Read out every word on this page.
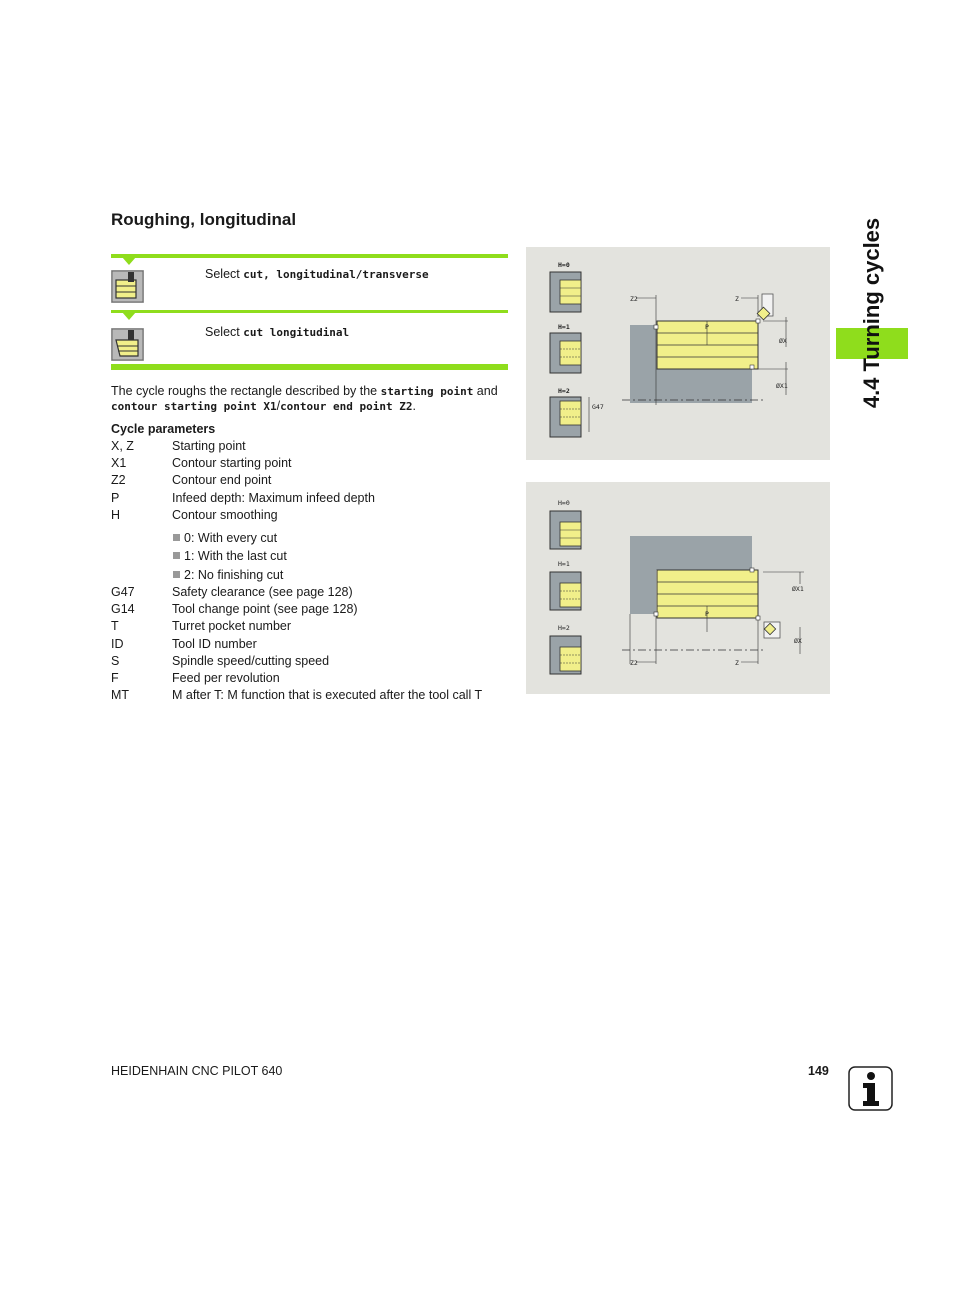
Roughing, longitudinal
Select cut, longitudinal/transverse
Select cut longitudinal
The cycle roughs the rectangle described by the starting point and
contour starting point X1/contour end point Z2.
Cycle parameters
X, Z	Starting point
X1	Contour starting point
Z2	Contour end point
P	Infeed depth: Maximum infeed depth
H	Contour smoothing
0: With every cut
1: With the last cut
2: No finishing cut
G47	Safety clearance (see page 128)
G14	Tool change point (see page 128)
T	Turret pocket number
ID	Tool ID number
S	Spindle speed/cutting speed
F	Feed per revolution
MT	M after T: M function that is executed after the tool call T
H=0
H=1
H=2
G47
Z2	Z
P
ØX
ØX1
H=0
H=1
H=2
Z2	Z
P
ØX1
ØX
4.4 Turning cycles
HEIDENHAIN CNC PILOT 640	149
